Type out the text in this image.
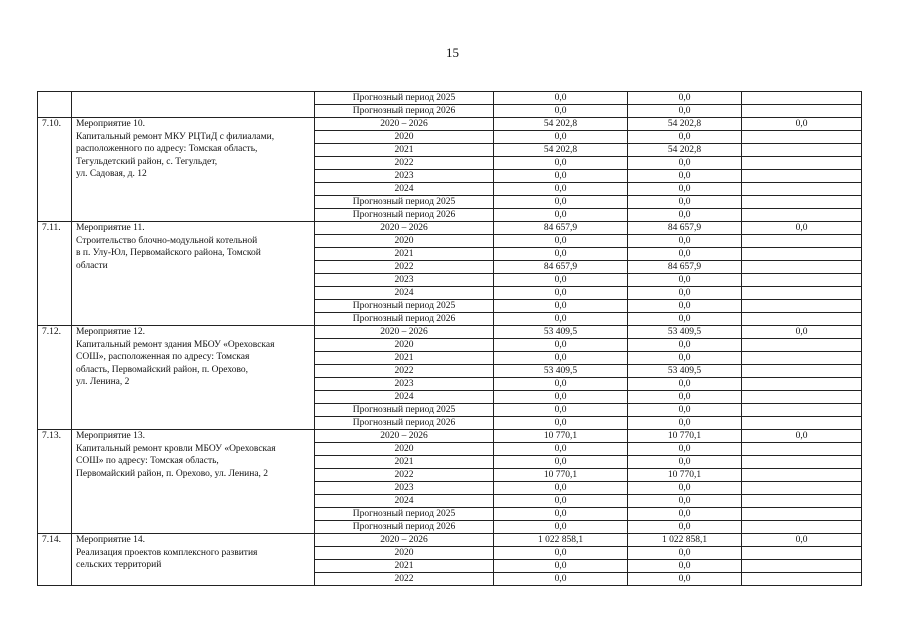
15
		Прогнозный период 2025	0,0	0,0	
		Прогнозный период 2026	0,0	0,0	
7.10.	Мероприятие 10.
Капитальный ремонт МКУ РЦТиД с филиалами,
расположенного по адресу: Томская область,
Тегульдетский район, с. Тегульдет,
ул. Садовая, д. 12	2020 – 2026	54 202,8	54 202,8	0,0
		2020	0,0	0,0	
		2021	54 202,8	54 202,8	
		2022	0,0	0,0	
		2023	0,0	0,0	
		2024	0,0	0,0	
		Прогнозный период 2025	0,0	0,0	
		Прогнозный период 2026	0,0	0,0	
7.11.	Мероприятие 11.
Строительство блочно-модульной котельной
в п. Улу-Юл, Первомайского района, Томской
области	2020 – 2026	84 657,9	84 657,9	0,0
		2020	0,0	0,0	
		2021	0,0	0,0	
		2022	84 657,9	84 657,9	
		2023	0,0	0,0	
		2024	0,0	0,0	
		Прогнозный период 2025	0,0	0,0	
		Прогнозный период 2026	0,0	0,0	
7.12.	Мероприятие 12.
Капитальный ремонт здания МБОУ «Ореховская
СОШ», расположенная по адресу: Томская
область, Первомайский район, п. Орехово,
ул. Ленина, 2	2020 – 2026	53 409,5	53 409,5	0,0
		2020	0,0	0,0	
		2021	0,0	0,0	
		2022	53 409,5	53 409,5	
		2023	0,0	0,0	
		2024	0,0	0,0	
		Прогнозный период 2025	0,0	0,0	
		Прогнозный период 2026	0,0	0,0	
7.13.	Мероприятие 13.
Капитальный ремонт кровли МБОУ «Ореховская
СОШ» по адресу: Томская область,
Первомайский район, п. Орехово, ул. Ленина, 2	2020 – 2026	10 770,1	10 770,1	0,0
		2020	0,0	0,0	
		2021	0,0	0,0	
		2022	10 770,1	10 770,1	
		2023	0,0	0,0	
		2024	0,0	0,0	
		Прогнозный период 2025	0,0	0,0	
		Прогнозный период 2026	0,0	0,0	
7.14.	Мероприятие 14.
Реализация проектов комплексного развития
сельских территорий	2020 – 2026	1 022 858,1	1 022 858,1	0,0
		2020	0,0	0,0	
		2021	0,0	0,0	
		2022	0,0	0,0	
